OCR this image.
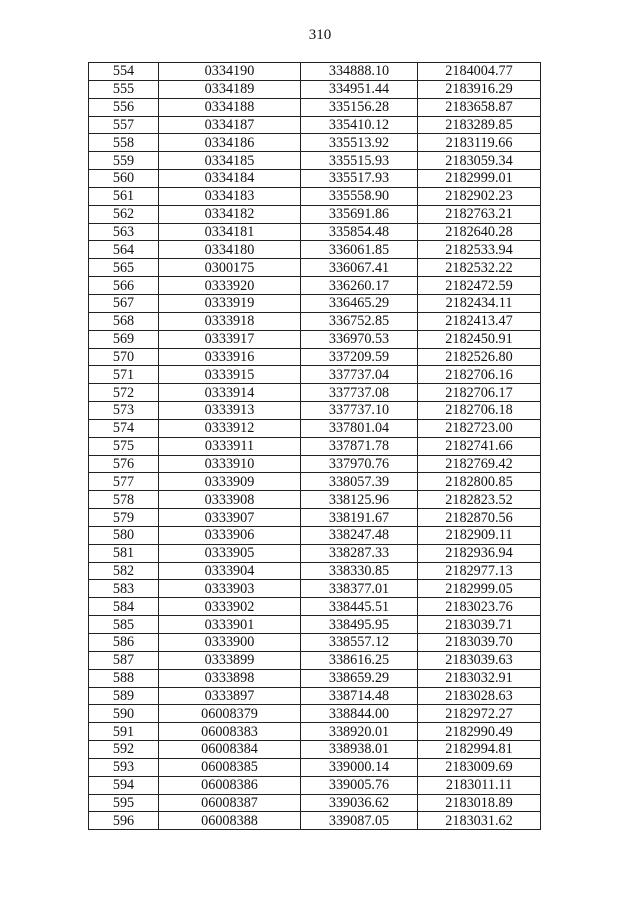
310
554	0334190	334888.10	2184004.77
555	0334189	334951.44	2183916.29
556	0334188	335156.28	2183658.87
557	0334187	335410.12	2183289.85
558	0334186	335513.92	2183119.66
559	0334185	335515.93	2183059.34
560	0334184	335517.93	2182999.01
561	0334183	335558.90	2182902.23
562	0334182	335691.86	2182763.21
563	0334181	335854.48	2182640.28
564	0334180	336061.85	2182533.94
565	0300175	336067.41	2182532.22
566	0333920	336260.17	2182472.59
567	0333919	336465.29	2182434.11
568	0333918	336752.85	2182413.47
569	0333917	336970.53	2182450.91
570	0333916	337209.59	2182526.80
571	0333915	337737.04	2182706.16
572	0333914	337737.08	2182706.17
573	0333913	337737.10	2182706.18
574	0333912	337801.04	2182723.00
575	0333911	337871.78	2182741.66
576	0333910	337970.76	2182769.42
577	0333909	338057.39	2182800.85
578	0333908	338125.96	2182823.52
579	0333907	338191.67	2182870.56
580	0333906	338247.48	2182909.11
581	0333905	338287.33	2182936.94
582	0333904	338330.85	2182977.13
583	0333903	338377.01	2182999.05
584	0333902	338445.51	2183023.76
585	0333901	338495.95	2183039.71
586	0333900	338557.12	2183039.70
587	0333899	338616.25	2183039.63
588	0333898	338659.29	2183032.91
589	0333897	338714.48	2183028.63
590	06008379	338844.00	2182972.27
591	06008383	338920.01	2182990.49
592	06008384	338938.01	2182994.81
593	06008385	339000.14	2183009.69
594	06008386	339005.76	2183011.11
595	06008387	339036.62	2183018.89
596	06008388	339087.05	2183031.62
